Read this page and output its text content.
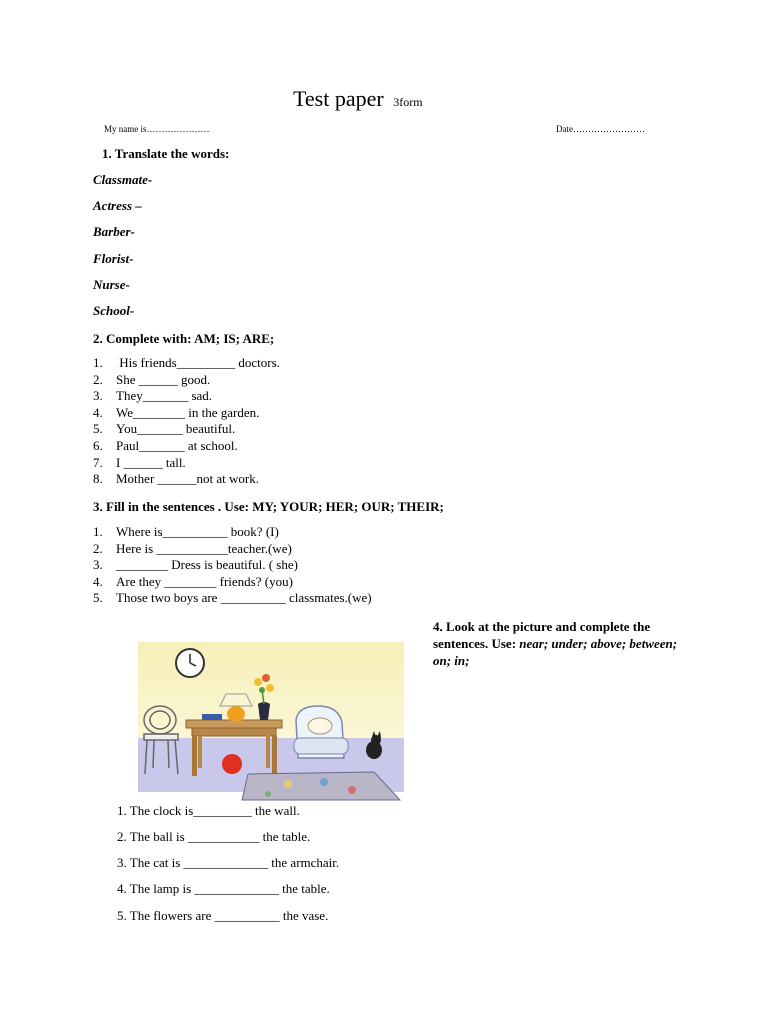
Test paper 3form
My name is…………………	Date……………………
1. Translate the words:
Classmate-
Actress –
Barber-
Florist-
Nurse-
School-
2. Complete with: AM; IS; ARE;
1.	His friends_________ doctors.
2.	She ______ good.
3.	They_______ sad.
4.	We________ in the garden.
5.	You_______ beautiful.
6.	Paul_______ at school.
7.	I ______ tall.
8.	Mother ______not at work.
3. Fill in the sentences . Use: MY; YOUR; HER; OUR; THEIR;
1.	Where is__________ book? (I)
2.	Here is ___________teacher.(we)
3.	________ Dress is beautiful. ( she)
4.	Are they ________ friends? (you)
5.	Those two boys are __________ classmates.(we)
4. Look at the picture and complete the sentences. Use: near; under; above; between; on; in;
1. The clock is_________ the wall.
2. The ball is ___________ the table.
3. The cat is _____________ the armchair.
4. The lamp is _____________ the table.
5. The flowers are __________ the vase.
